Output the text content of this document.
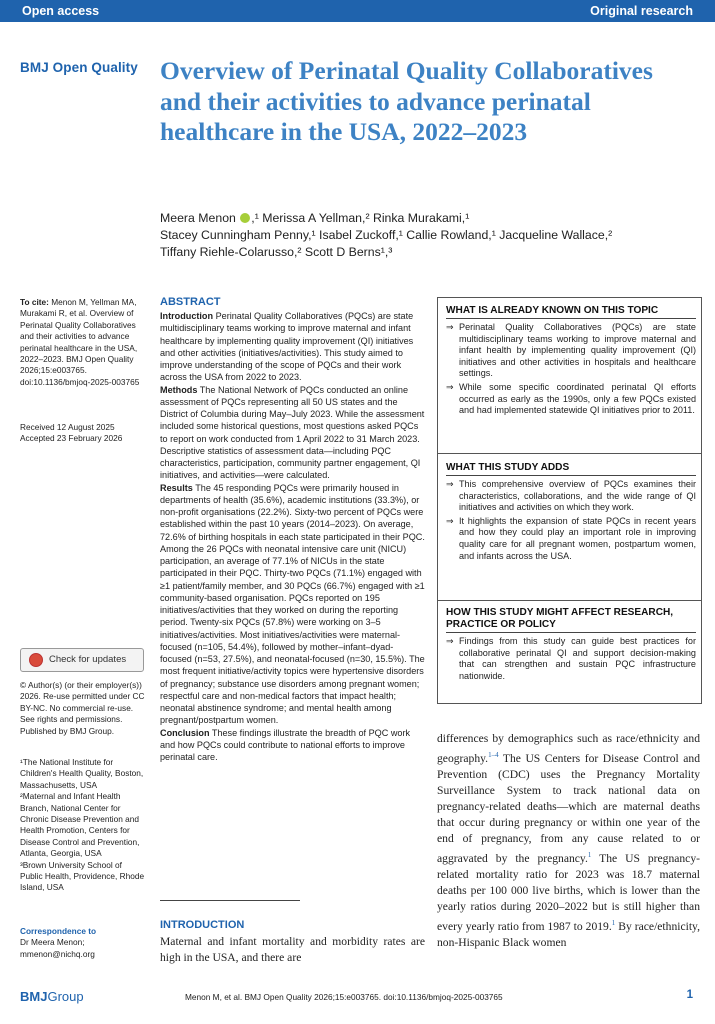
Open access	Original research
BMJ Open Quality Overview of Perinatal Quality Collaboratives and their activities to advance perinatal healthcare in the USA, 2022–2023
Meera Menon ,¹ Merissa A Yellman,² Rinka Murakami,¹
Stacey Cunningham Penny,¹ Isabel Zuckoff,¹ Callie Rowland,¹ Jacqueline Wallace,²
Tiffany Riehle-Colarusso,² Scott D Berns¹,³
To cite: Menon M, Yellman MA, Murakami R, et al. Overview of Perinatal Quality Collaboratives and their activities to advance perinatal healthcare in the USA, 2022–2023. BMJ Open Quality 2026;15:e003765. doi:10.1136/bmjoq-2025-003765
Received 12 August 2025
Accepted 23 February 2026
Check for updates
© Author(s) (or their employer(s)) 2026. Re-use permitted under CC BY-NC. No commercial re-use. See rights and permissions. Published by BMJ Group.
¹The National Institute for Children's Health Quality, Boston, Massachusetts, USA
²Maternal and Infant Health Branch, National Center for Chronic Disease Prevention and Health Promotion, Centers for Disease Control and Prevention, Atlanta, Georgia, USA
³Brown University School of Public Health, Providence, Rhode Island, USA
Correspondence to
Dr Meera Menon;
mmenon@nichq.org
ABSTRACT
Introduction Perinatal Quality Collaboratives (PQCs) are state multidisciplinary teams working to improve maternal and infant healthcare by implementing quality improvement (QI) initiatives and other activities (initiatives/activities). This study aimed to improve understanding of the scope of PQCs and their work across the USA from 2022 to 2023.
Methods The National Network of PQCs conducted an online assessment of PQCs representing all 50 US states and the District of Columbia during May–July 2023. While the assessment included some historical questions, most questions asked PQCs to report on work conducted from 1 April 2022 to 31 March 2023. Descriptive statistics of assessment data—including PQC characteristics, participation, community partner engagement, QI initiatives, and activities—were calculated.
Results The 45 responding PQCs were primarily housed in departments of health (35.6%), academic institutions (33.3%), or non-profit organisations (22.2%). Sixty-two percent of PQCs were established within the past 10 years (2014–2023). On average, 72.6% of birthing hospitals in each state participated in their PQC. Among the 26 PQCs with neonatal intensive care unit (NICU) participation, an average of 77.1% of NICUs in the state participated in their PQC. Thirty-two PQCs (71.1%) engaged with ≥1 patient/family member, and 30 PQCs (66.7%) engaged with ≥1 community-based organisation. PQCs reported on 195 initiatives/activities that they worked on during the reporting period. Twenty-six PQCs (57.8%) were working on 3–5 initiatives/activities. Most initiatives/activities were maternal-focused (n=105, 54.4%), followed by mother–infant–dyad-focused (n=53, 27.5%), and neonatal-focused (n=30, 15.5%). The most frequent initiative/activity topics were hypertensive disorders of pregnancy; substance use disorders among pregnant women; respectful care and non-medical factors that impact health; neonatal abstinence syndrome; and mental health among pregnant/postpartum women.
Conclusion These findings illustrate the breadth of PQC work and how PQCs could contribute to national efforts to improve perinatal care.
INTRODUCTION
Maternal and infant mortality and morbidity rates are high in the USA, and there are
WHAT IS ALREADY KNOWN ON THIS TOPIC
⇒ Perinatal Quality Collaboratives (PQCs) are state multidisciplinary teams working to improve maternal and infant health by implementing quality improvement (QI) initiatives and other activities in hospitals and healthcare settings.
⇒ While some specific coordinated perinatal QI efforts occurred as early as the 1990s, only a few PQCs existed and had implemented statewide QI initiatives prior to 2011.
WHAT THIS STUDY ADDS
⇒ This comprehensive overview of PQCs examines their characteristics, collaborations, and the wide range of QI initiatives and activities on which they work.
⇒ It highlights the expansion of state PQCs in recent years and how they could play an important role in improving quality care for all pregnant women, postpartum women, and infants across the USA.
HOW THIS STUDY MIGHT AFFECT RESEARCH, PRACTICE OR POLICY
⇒ Findings from this study can guide best practices for collaborative perinatal QI and support decision-making that can strengthen and sustain PQC infrastructure nationwide.
differences by demographics such as race/ethnicity and geography.$^{1-4}$ The US Centers for Disease Control and Prevention (CDC) uses the Pregnancy Mortality Surveillance System to track national data on pregnancy-related deaths—which are maternal deaths that occur during pregnancy or within one year of the end of pregnancy, from any cause related to or aggravated by the pregnancy.$^1$ The US pregnancy-related mortality ratio for 2023 was 18.7 maternal deaths per 100 000 live births, which is lower than the yearly ratios during 2020–2022 but is still higher than every yearly ratio from 1987 to 2019.$^1$ By race/ethnicity, non-Hispanic Black women
BMJGroup	Menon M, et al. BMJ Open Quality 2026;15:e003765. doi:10.1136/bmjoq-2025-003765	1
